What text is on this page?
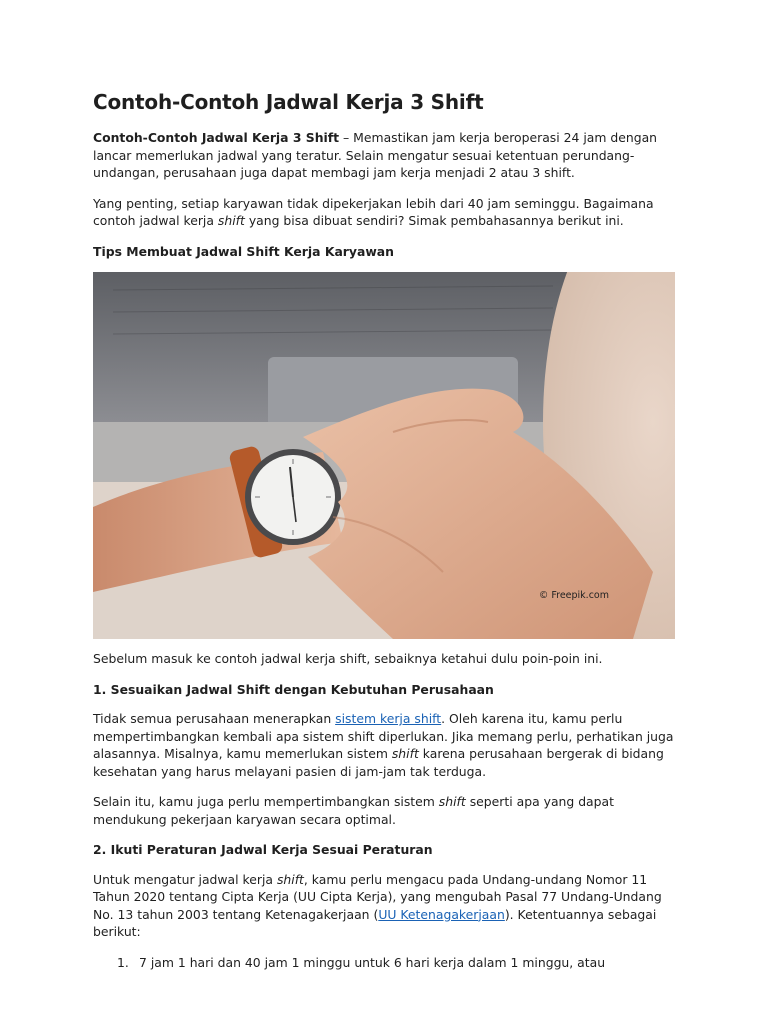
Contoh-Contoh Jadwal Kerja 3 Shift

Contoh-Contoh Jadwal Kerja 3 Shift – Memastikan jam kerja beroperasi 24 jam dengan lancar memerlukan jadwal yang teratur. Selain mengatur sesuai ketentuan perundang-undangan, perusahaan juga dapat membagi jam kerja menjadi 2 atau 3 shift.

Yang penting, setiap karyawan tidak dipekerjakan lebih dari 40 jam seminggu. Bagaimana contoh jadwal kerja shift yang bisa dibuat sendiri? Simak pembahasannya berikut ini.

Tips Membuat Jadwal Shift Kerja Karyawan

© Freepik.com

Sebelum masuk ke contoh jadwal kerja shift, sebaiknya ketahui dulu poin-poin ini.

1. Sesuaikan Jadwal Shift dengan Kebutuhan Perusahaan

Tidak semua perusahaan menerapkan sistem kerja shift. Oleh karena itu, kamu perlu mempertimbangkan kembali apa sistem shift diperlukan. Jika memang perlu, perhatikan juga alasannya. Misalnya, kamu memerlukan sistem shift karena perusahaan bergerak di bidang kesehatan yang harus melayani pasien di jam-jam tak terduga.

Selain itu, kamu juga perlu mempertimbangkan sistem shift seperti apa yang dapat mendukung pekerjaan karyawan secara optimal.

2. Ikuti Peraturan Jadwal Kerja Sesuai Peraturan

Untuk mengatur jadwal kerja shift, kamu perlu mengacu pada Undang-undang Nomor 11 Tahun 2020 tentang Cipta Kerja (UU Cipta Kerja), yang mengubah Pasal 77 Undang-Undang No. 13 tahun 2003 tentang Ketenagakerjaan (UU Ketenagakerjaan). Ketentuannya sebagai berikut:

1. 7 jam 1 hari dan 40 jam 1 minggu untuk 6 hari kerja dalam 1 minggu, atau
